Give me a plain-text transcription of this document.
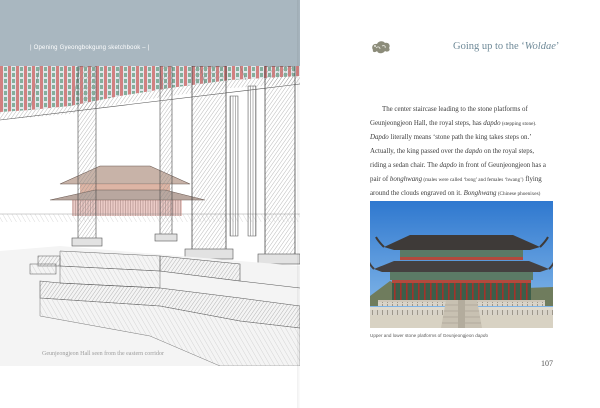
| Opening Gyeongbokgung sketchbook – |
Geunjeongjeon Hall seen from the eastern corridor
Going up to the ‘Woldae’

The center staircase leading to the stone platforms of

Geunjeongjeon Hall, the royal steps, has dapdo (stepping stone).

Dapdo literally means ‘stone path the king takes steps on.’

Actually, the king passed over the dapdo on the royal steps,

riding a sedan chair. The dapdo in front of Geunjeongjeon has a

pair of bonghwang (males were called ‘bong’ and females ‘hwang’) flying

around the clouds engraved on it. Bonghwang (Chinese phoenixes)

Upper and lower stone platforms of Geunjeongjeon dapdo
107
